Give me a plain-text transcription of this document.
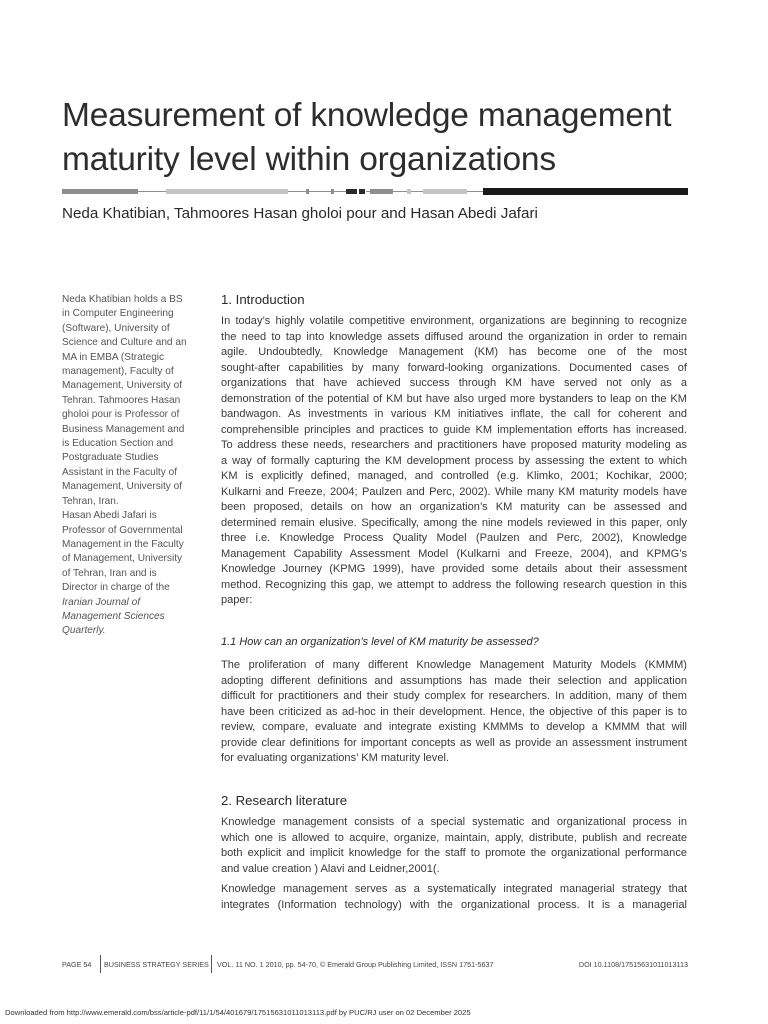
Measurement of knowledge management
maturity level within organizations
Neda Khatibian, Tahmoores Hasan gholoi pour and Hasan Abedi Jafari
Neda Khatibian holds a BS
in Computer Engineering
(Software), University of
Science and Culture and an
MA in EMBA (Strategic
management), Faculty of
Management, University of
Tehran. Tahmoores Hasan
gholoi pour is Professor of
Business Management and
is Education Section and
Postgraduate Studies
Assistant in the Faculty of
Management, University of
Tehran, Iran.
Hasan Abedi Jafari is
Professor of Governmental
Management in the Faculty
of Management, University
of Tehran, Iran and is
Director in charge of the
Iranian Journal of
Management Sciences
Quarterly.
1. Introduction
In today’s highly volatile competitive environment, organizations are beginning to recognize
the need to tap into knowledge assets diffused around the organization in order to remain
agile. Undoubtedly, Knowledge Management (KM) has become one of the most
sought-after capabilities by many forward-looking organizations. Documented cases of
organizations that have achieved success through KM have served not only as a
demonstration of the potential of KM but have also urged more bystanders to leap on the KM
bandwagon. As investments in various KM initiatives inflate, the call for coherent and
comprehensible principles and practices to guide KM implementation efforts has increased.
To address these needs, researchers and practitioners have proposed maturity modeling as
a way of formally capturing the KM development process by assessing the extent to which
KM is explicitly defined, managed, and controlled (e.g. Klimko, 2001; Kochikar, 2000;
Kulkarni and Freeze, 2004; Paulzen and Perc, 2002). While many KM maturity models have
been proposed, details on how an organization’s KM maturity can be assessed and
determined remain elusive. Specifically, among the nine models reviewed in this paper, only
three i.e. Knowledge Process Quality Model (Paulzen and Perc, 2002), Knowledge
Management Capability Assessment Model (Kulkarni and Freeze, 2004), and KPMG’s
Knowledge Journey (KPMG 1999), have provided some details about their assessment
method. Recognizing this gap, we attempt to address the following research question in this
paper:
1.1 How can an organization’s level of KM maturity be assessed?
The proliferation of many different Knowledge Management Maturity Models (KMMM)
adopting different definitions and assumptions has made their selection and application
difficult for practitioners and their study complex for researchers. In addition, many of them
have been criticized as ad-hoc in their development. Hence, the objective of this paper is to
review, compare, evaluate and integrate existing KMMMs to develop a KMMM that will
provide clear definitions for important concepts as well as provide an assessment instrument
for evaluating organizations’ KM maturity level.
2. Research literature
Knowledge management consists of a special systematic and organizational process in
which one is allowed to acquire, organize, maintain, apply, distribute, publish and recreate
both explicit and implicit knowledge for the staff to promote the organizational performance
and value creation ) Alavi and Leidner,2001(.
Knowledge management serves as a systematically integrated managerial strategy that
integrates (Information technology) with the organizational process. It is a managerial
PAGE 54 BUSINESS STRATEGY SERIES VOL. 11 NO. 1 2010, pp. 54-70, © Emerald Group Publishing Limited, ISSN 1751-5637	DOI 10.1108/17515631011013113
Downloaded from http://www.emerald.com/bss/article-pdf/11/1/54/401679/17515631011013113.pdf by PUC/RJ user on 02 December 2025
